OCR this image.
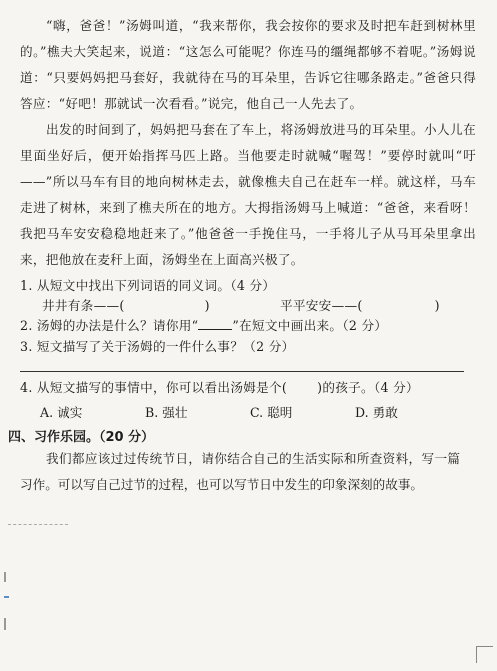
“嗨，爸爸！”汤姆叫道，“我来帮你，我会按你的要求及时把车赶到树林里的。”樵夫大笑起来，说道：“这怎么可能呢？你连马的缰绳都够不着呢。”汤姆说道：“只要妈妈把马套好，我就待在马的耳朵里，告诉它往哪条路走。”爸爸只得答应：“好吧！那就试一次看看。”说完，他自己一人先去了。

出发的时间到了，妈妈把马套在了车上，将汤姆放进马的耳朵里。小人儿在里面坐好后，便开始指挥马匹上路。当他要走时就喊“喔驾！”要停时就叫“吁——”所以马车有目的地向树林走去，就像樵夫自己在赶车一样。就这样，马车走进了树林，来到了樵夫所在的地方。大拇指汤姆马上喊道：“爸爸，来看呀！我把马车安安稳稳地赶来了。”他爸爸一手挽住马，一手将儿子从马耳朵里拿出来，把他放在麦秆上面，汤姆坐在上面高兴极了。

1. 从短文中找出下列词语的同义词。（4 分）
井井有条——(	)	平平安安——(	)
2. 汤姆的办法是什么？请你用“	”在短文中画出来。（2 分）
3. 短文描写了关于汤姆的一件什么事？（2 分）
4. 从短文描写的事情中，你可以看出汤姆是个( )的孩子。（4 分）
A. 诚实	B. 强壮	C. 聪明	D. 勇敢
四、习作乐园。（20 分）

我们都应该过过传统节日，请你结合自己的生活实际和所查资料，写一篇习作。可以写自己过节的过程，也可以写节日中发生的印象深刻的故事。
